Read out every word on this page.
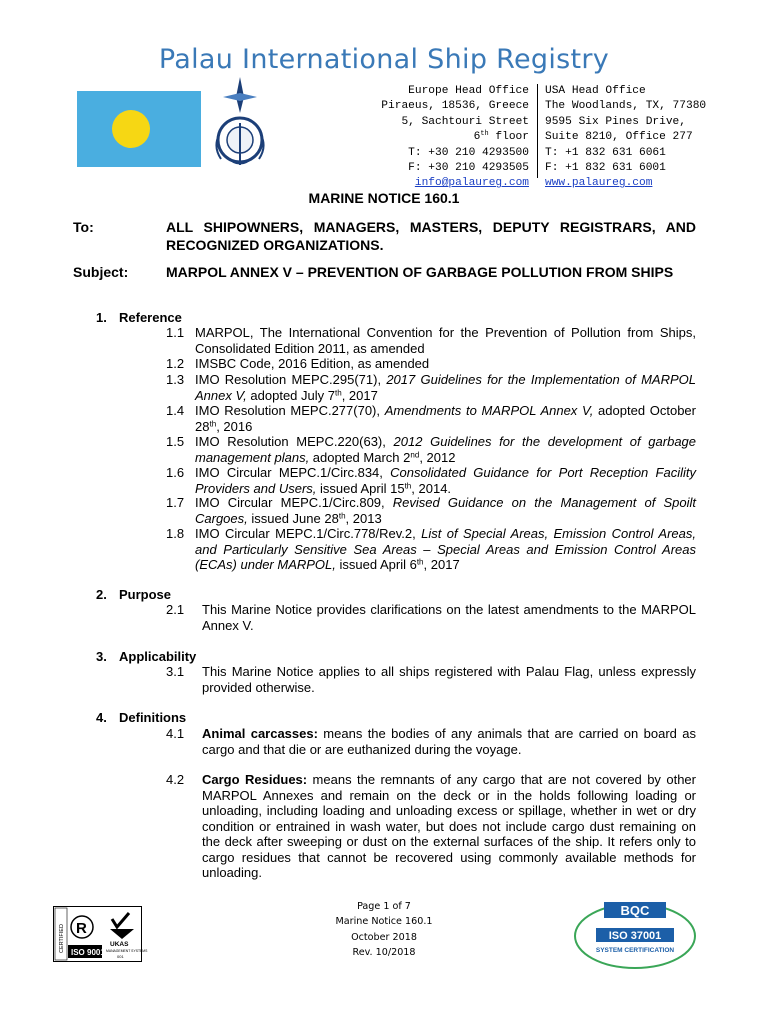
Palau International Ship Registry
Europe Head Office
Piraeus, 18536, Greece
5, Sachtouri Street
6th floor
T: +30 210 4293500
F: +30 210 4293505
info@palaureg.com
USA Head Office
The Woodlands, TX, 77380
9595 Six Pines Drive,
Suite 8210, Office 277
T: +1 832 631 6061
F: +1 832 631 6001
www.palaureg.com
MARINE NOTICE 160.1
To:	ALL SHIPOWNERS, MANAGERS, MASTERS, DEPUTY REGISTRARS, AND RECOGNIZED ORGANIZATIONS.
Subject:	MARPOL ANNEX V – PREVENTION OF GARBAGE POLLUTION FROM SHIPS
1. Reference
1.1 MARPOL, The International Convention for the Prevention of Pollution from Ships, Consolidated Edition 2011, as amended
1.2 IMSBC Code, 2016 Edition, as amended
1.3 IMO Resolution MEPC.295(71), 2017 Guidelines for the Implementation of MARPOL Annex V, adopted July 7th, 2017
1.4 IMO Resolution MEPC.277(70), Amendments to MARPOL Annex V, adopted October 28th, 2016
1.5 IMO Resolution MEPC.220(63), 2012 Guidelines for the development of garbage management plans, adopted March 2nd, 2012
1.6 IMO Circular MEPC.1/Circ.834, Consolidated Guidance for Port Reception Facility Providers and Users, issued April 15th, 2014.
1.7 IMO Circular MEPC.1/Circ.809, Revised Guidance on the Management of Spoilt Cargoes, issued June 28th, 2013
1.8 IMO Circular MEPC.1/Circ.778/Rev.2, List of Special Areas, Emission Control Areas, and Particularly Sensitive Sea Areas – Special Areas and Emission Control Areas (ECAs) under MARPOL, issued April 6th, 2017
2. Purpose
2.1 This Marine Notice provides clarifications on the latest amendments to the MARPOL Annex V.
3. Applicability
3.1 This Marine Notice applies to all ships registered with Palau Flag, unless expressly provided otherwise.
4. Definitions
4.1 Animal carcasses: means the bodies of any animals that are carried on board as cargo and that die or are euthanized during the voyage.
4.2 Cargo Residues: means the remnants of any cargo that are not covered by other MARPOL Annexes and remain on the deck or in the holds following loading or unloading, including loading and unloading excess or spillage, whether in wet or dry condition or entrained in wash water, but does not include cargo dust remaining on the deck after sweeping or dust on the external surfaces of the ship. It refers only to cargo residues that cannot be recovered using commonly available methods for unloading.
Page 1 of 7
Marine Notice 160.1
October 2018
Rev. 10/2018
CERTIFIED R
ISO 9001
UKAS
MANAGEMENT SYSTEMS
001
BQC
ISO 37001
SYSTEM CERTIFICATION
